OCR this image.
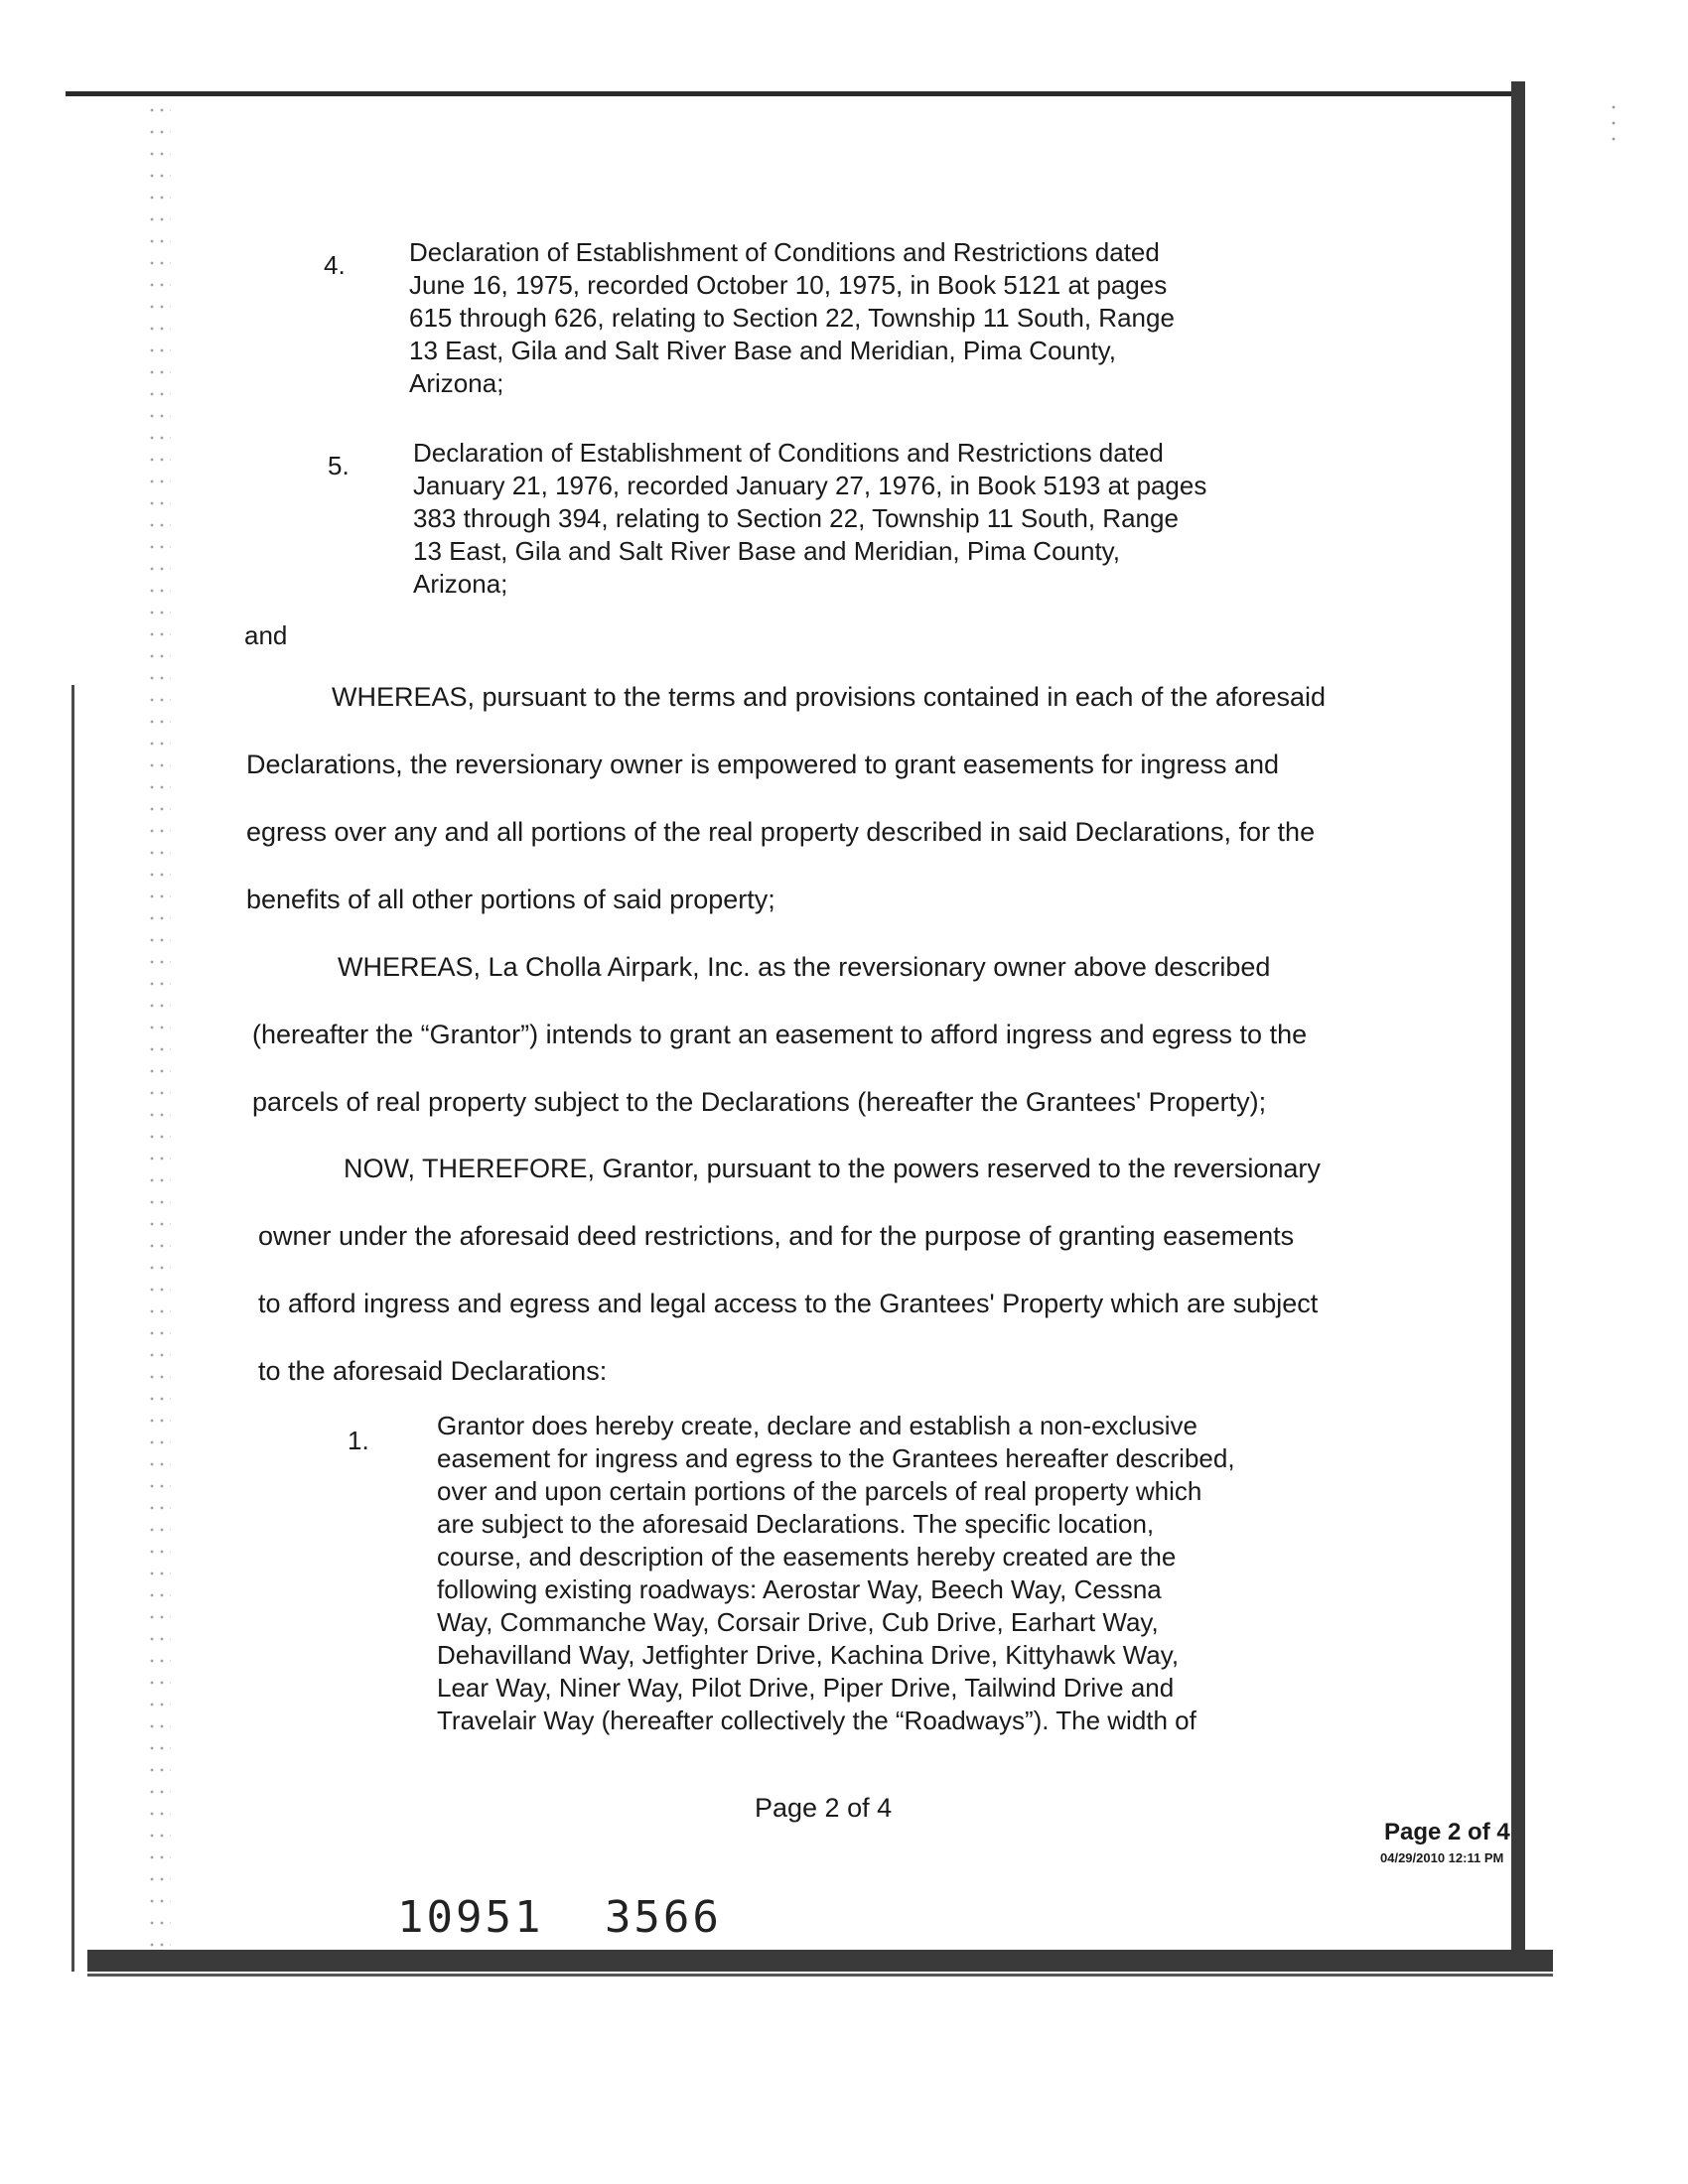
4. Declaration of Establishment of Conditions and Restrictions dated
June 16, 1975, recorded October 10, 1975, in Book 5121 at pages
615 through 626, relating to Section 22, Township 11 South, Range
13 East, Gila and Salt River Base and Meridian, Pima County,
Arizona;
5. Declaration of Establishment of Conditions and Restrictions dated
January 21, 1976, recorded January 27, 1976, in Book 5193 at pages
383 through 394, relating to Section 22, Township 11 South, Range
13 East, Gila and Salt River Base and Meridian, Pima County,
Arizona;
and
WHEREAS, pursuant to the terms and provisions contained in each of the aforesaid
Declarations, the reversionary owner is empowered to grant easements for ingress and
egress over any and all portions of the real property described in said Declarations, for the
benefits of all other portions of said property;
WHEREAS, La Cholla Airpark, Inc. as the reversionary owner above described
(hereafter the “Grantor”) intends to grant an easement to afford ingress and egress to the
parcels of real property subject to the Declarations (hereafter the Grantees' Property);
NOW, THEREFORE, Grantor, pursuant to the powers reserved to the reversionary
owner under the aforesaid deed restrictions, and for the purpose of granting easements
to afford ingress and egress and legal access to the Grantees' Property which are subject
to the aforesaid Declarations:
1.	Grantor does hereby create, declare and establish a non-exclusive
easement for ingress and egress to the Grantees hereafter described,
over and upon certain portions of the parcels of real property which
are subject to the aforesaid Declarations. The specific location,
course, and description of the easements hereby created are the
following existing roadways: Aerostar Way, Beech Way, Cessna
Way, Commanche Way, Corsair Drive, Cub Drive, Earhart Way,
Dehavilland Way, Jetfighter Drive, Kachina Drive, Kittyhawk Way,
Lear Way, Niner Way, Pilot Drive, Piper Drive, Tailwind Drive and
Travelair Way (hereafter collectively the “Roadways”). The width of
Page 2 of 4
Page 2 of 4
04/29/2010 12:11 PM
10951 3566
